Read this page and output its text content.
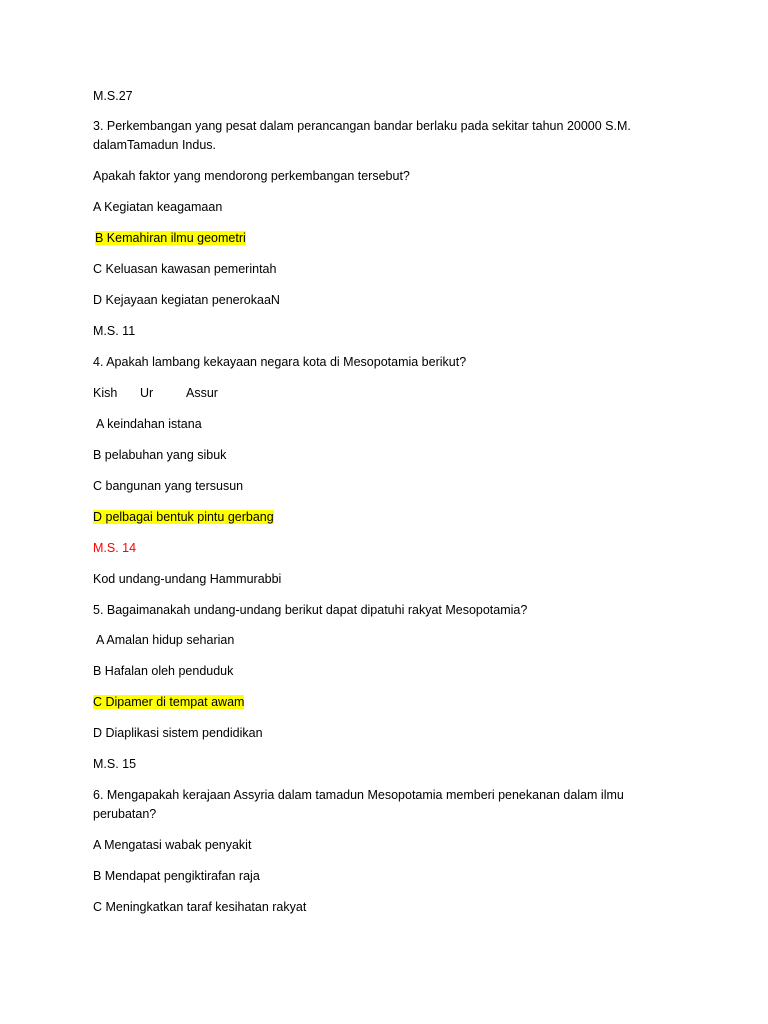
M.S.27
3. Perkembangan yang pesat dalam perancangan bandar berlaku pada sekitar tahun 20000 S.M. dalamTamadun Indus.
Apakah faktor yang mendorong perkembangan tersebut?
A Kegiatan keagamaan
B Kemahiran ilmu geometri
C Keluasan kawasan pemerintah
D Kejayaan kegiatan penerokaaN
M.S. 11
4. Apakah lambang kekayaan negara kota di Mesopotamia berikut?
Kish Ur	Assur
A keindahan istana
B pelabuhan yang sibuk
C bangunan yang tersusun
D pelbagai bentuk pintu gerbang
M.S. 14
Kod undang-undang Hammurabbi
5. Bagaimanakah undang-undang berikut dapat dipatuhi rakyat Mesopotamia?
A Amalan hidup seharian
B Hafalan oleh penduduk
C Dipamer di tempat awam
D Diaplikasi sistem pendidikan
M.S. 15
6. Mengapakah kerajaan Assyria dalam tamadun Mesopotamia memberi penekanan dalam ilmu perubatan?
A Mengatasi wabak penyakit
B Mendapat pengiktirafan raja
C Meningkatkan taraf kesihatan rakyat
